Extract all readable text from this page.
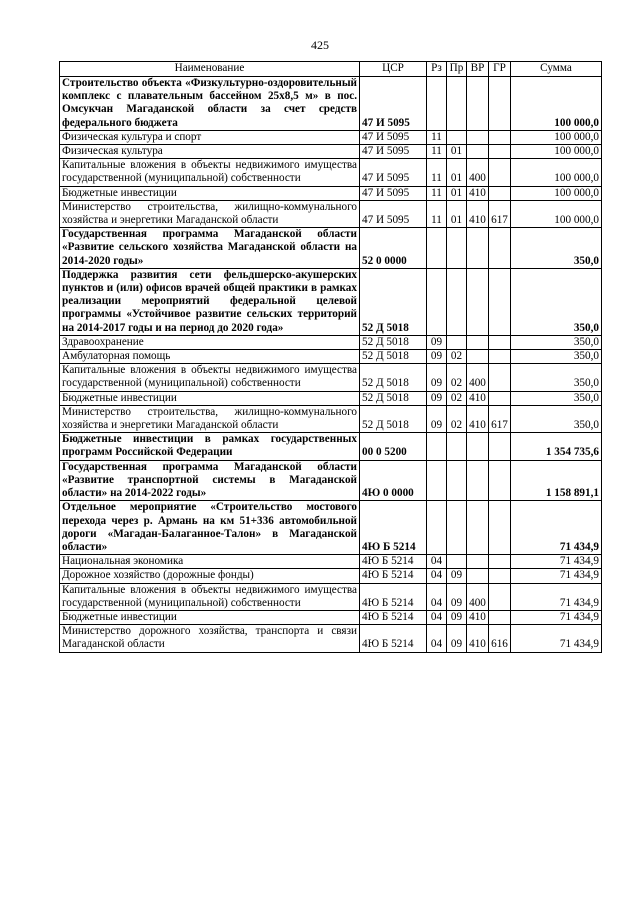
425
Наименование	ЦСР	Рз	Пр	ВР	ГР	Сумма
Строительство объекта «Физкультурно-оздоровительный комплекс с плавательным бассейном 25х8,5 м» в пос. Омсукчан Магаданской области за счет средств федерального бюджета	47 И 5095					100 000,0
Физическая культура и спорт	47 И 5095	11				100 000,0
Физическая культура	47 И 5095	11	01			100 000,0
Капитальные вложения в объекты недвижимого имущества государственной (муниципальной) собственности	47 И 5095	11	01	400		100 000,0
Бюджетные инвестиции	47 И 5095	11	01	410		100 000,0
Министерство строительства, жилищно-коммунального хозяйства и энергетики Магаданской области	47 И 5095	11	01	410	617	100 000,0
Государственная программа Магаданской области «Развитие сельского хозяйства Магаданской области на 2014-2020 годы»	52 0 0000					350,0
Поддержка развития сети фельдшерско-акушерских пунктов и (или) офисов врачей общей практики в рамках реализации мероприятий федеральной целевой программы «Устойчивое развитие сельских территорий на 2014-2017 годы и на период до 2020 года»	52 Д 5018					350,0
Здравоохранение	52 Д 5018	09				350,0
Амбулаторная помощь	52 Д 5018	09	02			350,0
Капитальные вложения в объекты недвижимого имущества государственной (муниципальной) собственности	52 Д 5018	09	02	400		350,0
Бюджетные инвестиции	52 Д 5018	09	02	410		350,0
Министерство строительства, жилищно-коммунального хозяйства и энергетики Магаданской области	52 Д 5018	09	02	410	617	350,0
Бюджетные инвестиции в рамках государственных программ Российской Федерации	00 0 5200					1 354 735,6
Государственная программа Магаданской области «Развитие транспортной системы в Магаданской области» на 2014-2022 годы»	4Ю 0 0000					1 158 891,1
Отдельное мероприятие «Строительство мостового перехода через р. Армань на км 51+336 автомобильной дороги «Магадан-Балаганное-Талон» в Магаданской области»	4Ю Б 5214					71 434,9
Национальная экономика	4Ю Б 5214	04				71 434,9
Дорожное хозяйство (дорожные фонды)	4Ю Б 5214	04	09			71 434,9
Капитальные вложения в объекты недвижимого имущества государственной (муниципальной) собственности	4Ю Б 5214	04	09	400		71 434,9
Бюджетные инвестиции	4Ю Б 5214	04	09	410		71 434,9
Министерство дорожного хозяйства, транспорта и связи Магаданской области	4Ю Б 5214	04	09	410	616	71 434,9
